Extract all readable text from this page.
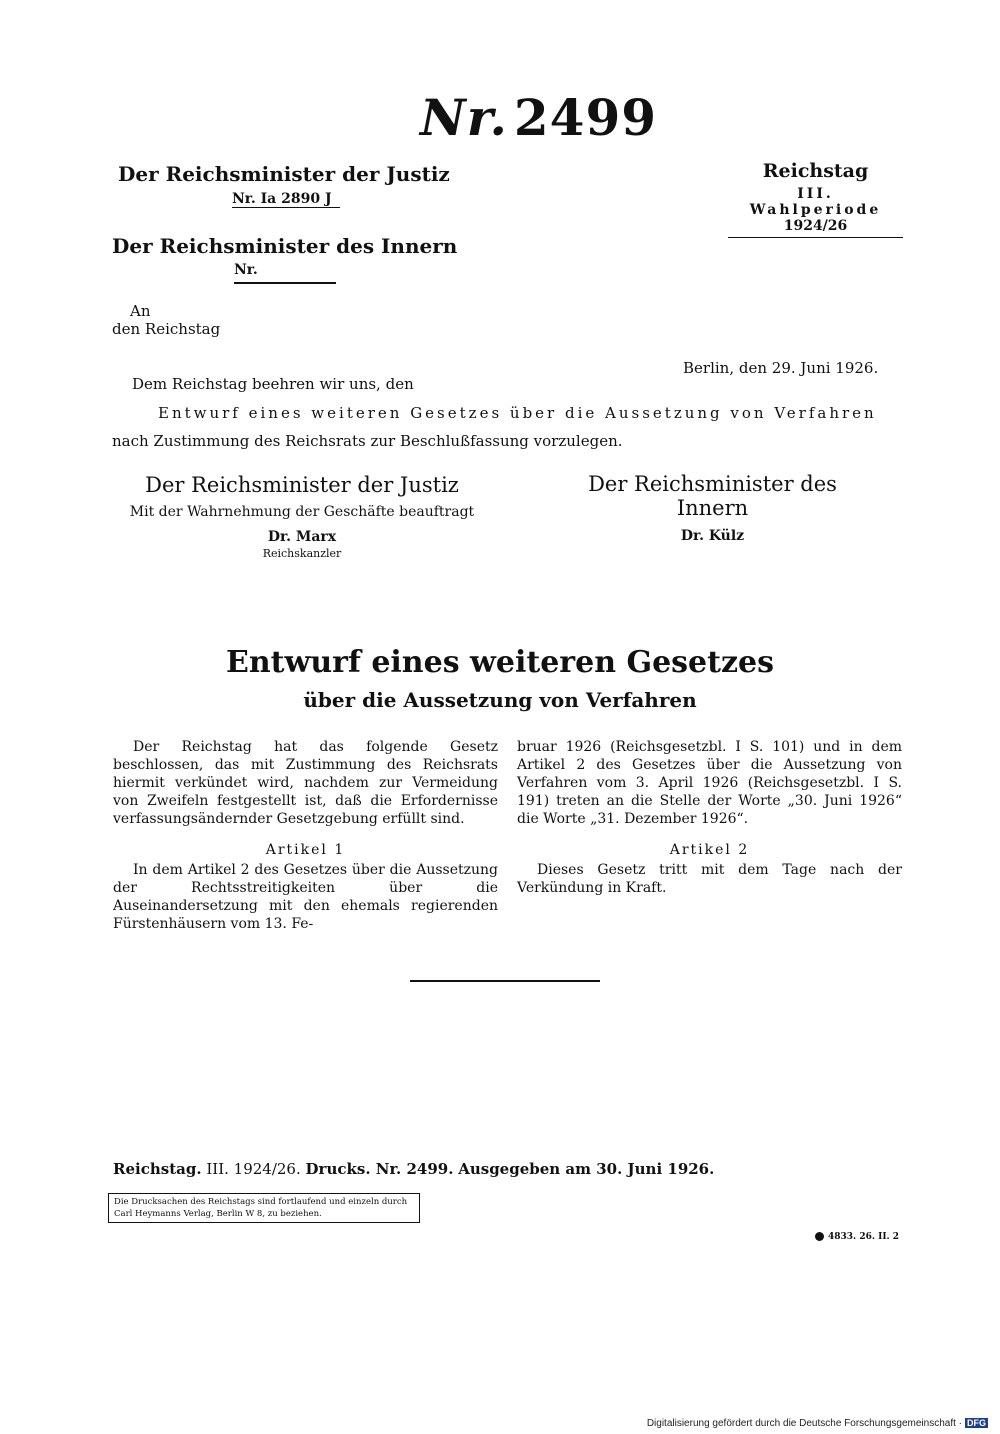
Nr. 2499
Der Reichsminister der Justiz
Nr. Ia 2890 J
Der Reichsminister des Innern
Nr.
Reichstag
III. Wahlperiode
1924/26
An
den Reichstag
Berlin, den 29. Juni 1926.
Dem Reichstag beehren wir uns, den
Entwurf eines weiteren Gesetzes über die Aussetzung von Verfahren
nach Zustimmung des Reichsrats zur Beschlußfassung vorzulegen.
Der Reichsminister der Justiz
Mit der Wahrnehmung der Geschäfte beauftragt
Dr. Marx
Reichskanzler
Der Reichsminister des Innern
Dr. Külz
Entwurf eines weiteren Gesetzes
über die Aussetzung von Verfahren
Der Reichstag hat das folgende Gesetz beschlossen, das mit Zustimmung des Reichsrats hiermit verkündet wird, nachdem zur Vermeidung von Zweifeln festgestellt ist, daß die Erfordernisse verfassungsändernder Gesetzgebung erfüllt sind.
Artikel 1
In dem Artikel 2 des Gesetzes über die Aussetzung der Rechtsstreitigkeiten über die Auseinandersetzung mit den ehemals regierenden Fürstenhäusern vom 13. Fe-
bruar 1926 (Reichsgesetzbl. I S. 101) und in dem Artikel 2 des Gesetzes über die Aussetzung von Verfahren vom 3. April 1926 (Reichsgesetzbl. I S. 191) treten an die Stelle der Worte „30. Juni 1926“ die Worte „31. Dezember 1926“.
Artikel 2
Dieses Gesetz tritt mit dem Tage nach der Verkündung in Kraft.
Reichstag. III. 1924/26. Drucks. Nr. 2499. Ausgegeben am 30. Juni 1926.
Die Drucksachen des Reichstags sind fortlaufend und einzeln durch Carl Heymanns Verlag, Berlin W 8, zu beziehen.
4833. 26. II. 2
Digitalisierung gefördert durch die Deutsche Forschungsgemeinschaft · DFG
